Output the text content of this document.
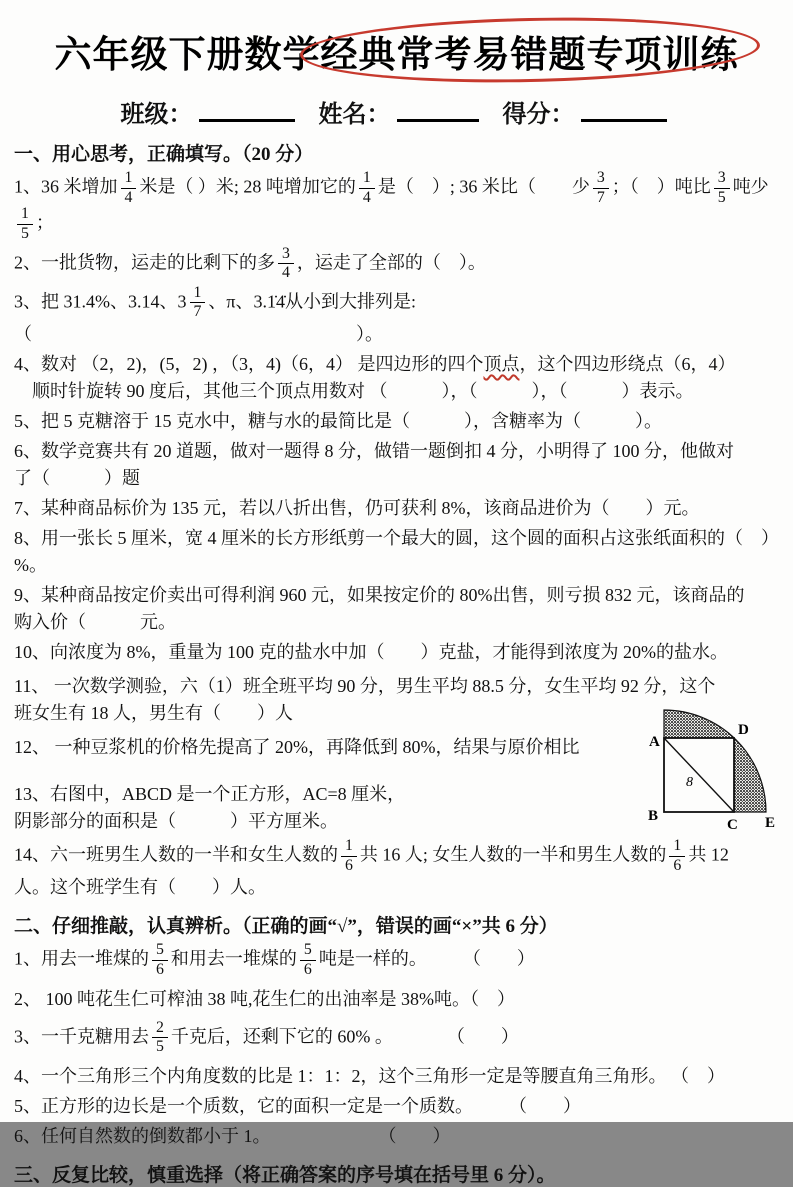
六年级下册数学经典常考易错题专项训练
班级：	姓名：	得分：
一、用心思考，正确填写。（20 分）

1、36 米增加 $\frac{1}{4}$ 米是（ ）米; 28 吨增加它的 $\frac{1}{4}$ 是（　）; 36 米比（　　少 $\frac{3}{7}$ ；（　）吨比 $\frac{3}{5}$ 吨少
$\frac{1}{5}$ ；

2、一批货物，运走的比剩下的多 $\frac{3}{4}$ ，运走了全部的（　）。

3、把 31.4%、3.14、$3 \frac{1}{7}$ 、π、3.1̇4̇从小到大排列是:（　　　　　　　　　　　　　　　　　　）。

4、数对 （2，2)，(5，2) ，（3，4)（6，4） 是四边形的四个顶点，这个四边形绕点（6，4）
　顺时针旋转 90 度后，其他三个顶点用数对 （　　　），（　　　），（　　　）表示。

5、把 5 克糖溶于 15 克水中，糖与水的最简比是（　　　），含糖率为（　　　）。

6、数学竞赛共有 20 道题，做对一题得 8 分，做错一题倒扣 4 分，小明得了 100 分，他做对
了（　　　）题

7、某种商品标价为 135 元，若以八折出售，仍可获利 8%，该商品进价为（　　）元。

8、用一张长 5 厘米，宽 4 厘米的长方形纸剪一个最大的圆，这个圆的面积占这张纸面积的（　）%。

9、某种商品按定价卖出可得利润 960 元，如果按定价的 80%出售，则亏损 832 元，该商品的
购入价（　　　元。

10、向浓度为 8%，重量为 100 克的盐水中加（　　）克盐，才能得到浓度为 20%的盐水。

11、 一次数学测验，六（1）班全班平均 90 分，男生平均 88.5 分，女生平均 92 分，这个
班女生有 18 人，男生有（　　）人

12、 一种豆浆机的价格先提高了 20%，再降低到 80%，结果与原价相比

13、右图中，ABCD 是一个正方形，AC=8 厘米，
阴影部分的面积是（　　　）平方厘米。

A
B
C
D
E
8

14、六一班男生人数的一半和女生人数的 $\frac{1}{6}$ 共 16 人; 女生人数的一半和男生人数的 $\frac{1}{6}$ 共 12
人。这个班学生有（　　）人。

二、仔细推敲，认真辨析。（正确的画“√”，错误的画“×”共 6 分）

1、用去一堆煤的 $\frac{5}{6}$ 和用去一堆煤的 $\frac{5}{6}$ 吨是一样的。　　　（　　）

2、 100 吨花生仁可榨油 38 吨,花生仁的出油率是 38%吨。（　）

3、一千克糖用去 $\frac{2}{5}$ 千克后，还剩下它的 60% 。　　　　（　　）

4、一个三角形三个内角度数的比是 1：1：2，这个三角形一定是等腰直角三角形。 （　）

5、正方形的边长是一个质数，它的面积一定是一个质数。　　　（　　）

6、任何自然数的倒数都小于 1。　　　　　　　（　　）

三、反复比较，慎重选择（将正确答案的序号填在括号里 6 分）。
